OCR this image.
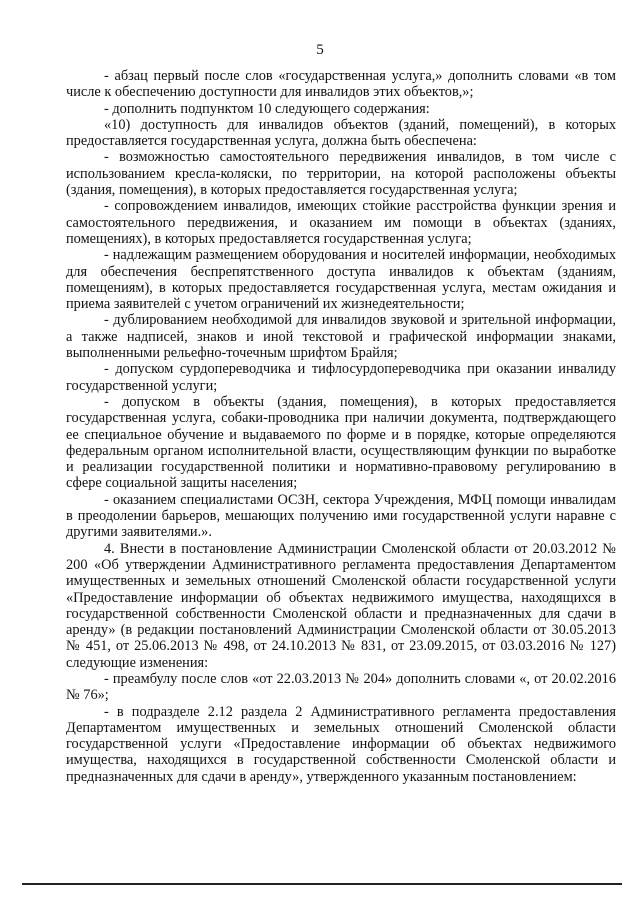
5

- абзац первый после слов «государственная услуга,» дополнить словами «в том числе к обеспечению доступности для инвалидов этих объектов,»;

- дополнить подпунктом 10 следующего содержания:

«10) доступность для инвалидов объектов (зданий, помещений), в которых предоставляется государственная услуга, должна быть обеспечена:

- возможностью самостоятельного передвижения инвалидов, в том числе с использованием кресла-коляски, по территории, на которой расположены объекты (здания, помещения), в которых предоставляется государственная услуга;

- сопровождением инвалидов, имеющих стойкие расстройства функции зрения и самостоятельного передвижения, и оказанием им помощи в объектах (зданиях, помещениях), в которых предоставляется государственная услуга;

- надлежащим размещением оборудования и носителей информации, необходимых для обеспечения беспрепятственного доступа инвалидов к объектам (зданиям, помещениям), в которых предоставляется государственная услуга, местам ожидания и приема заявителей с учетом ограничений их жизнедеятельности;

- дублированием необходимой для инвалидов звуковой и зрительной информации, а также надписей, знаков и иной текстовой и графической информации знаками, выполненными рельефно-точечным шрифтом Брайля;

- допуском сурдопереводчика и тифлосурдопереводчика при оказании инвалиду государственной услуги;

- допуском в объекты (здания, помещения), в которых предоставляется государственная услуга, собаки-проводника при наличии документа, подтверждающего ее специальное обучение и выдаваемого по форме и в порядке, которые определяются федеральным органом исполнительной власти, осуществляющим функции по выработке и реализации государственной политики и нормативно-правовому регулированию в сфере социальной защиты населения;

- оказанием специалистами ОСЗН, сектора Учреждения, МФЦ помощи инвалидам в преодолении барьеров, мешающих получению ими государственной услуги наравне с другими заявителями.».

4. Внести в постановление Администрации Смоленской области от 20.03.2012 № 200 «Об утверждении Административного регламента предоставления Департаментом имущественных и земельных отношений Смоленской области государственной услуги «Предоставление информации об объектах недвижимого имущества, находящихся в государственной собственности Смоленской области и предназначенных для сдачи в аренду» (в редакции постановлений Администрации Смоленской области от 30.05.2013 № 451, от 25.06.2013 № 498, от 24.10.2013 № 831, от 23.09.2015, от 03.03.2016 № 127) следующие изменения:

- преамбулу после слов «от 22.03.2013 № 204» дополнить словами «, от 20.02.2016 № 76»;

- в подразделе 2.12 раздела 2 Административного регламента предоставления Департаментом имущественных и земельных отношений Смоленской области государственной услуги «Предоставление информации об объектах недвижимого имущества, находящихся в государственной собственности Смоленской области и предназначенных для сдачи в аренду», утвержденного указанным постановлением:
